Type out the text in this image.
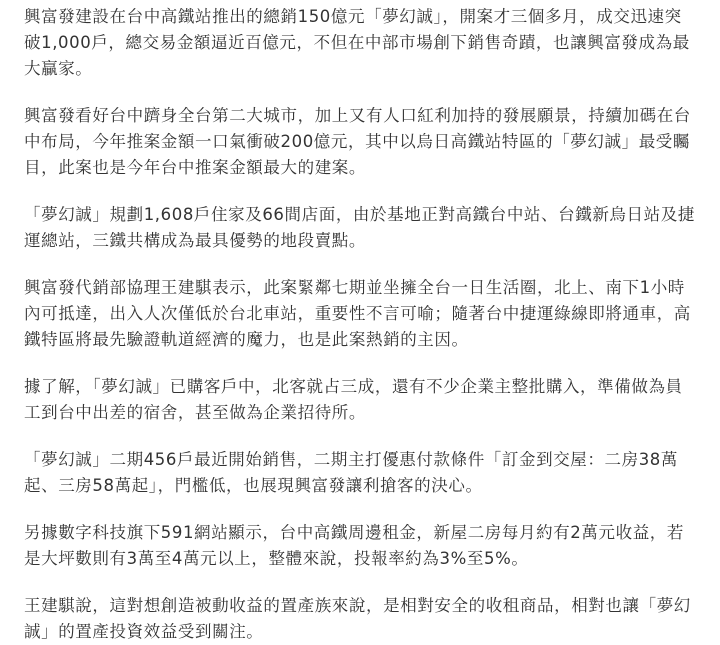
興富發建設在台中高鐵站推出的總銷150億元「夢幻誠」，開案才三個多月，成交迅速突破1,000戶，總交易金額逼近百億元，不但在中部市場創下銷售奇蹟，也讓興富發成為最大贏家。

興富發看好台中躋身全台第二大城市，加上又有人口紅利加持的發展願景，持續加碼在台中布局，今年推案金額一口氣衝破200億元，其中以烏日高鐵站特區的「夢幻誠」最受矚目，此案也是今年台中推案金額最大的建案。

「夢幻誠」規劃1,608戶住家及66間店面，由於基地正對高鐵台中站、台鐵新烏日站及捷運總站，三鐵共構成為最具優勢的地段賣點。

興富發代銷部協理王建騏表示，此案緊鄰七期並坐擁全台一日生活圈，北上、南下1小時內可抵達，出入人次僅低於台北車站，重要性不言可喻；隨著台中捷運綠線即將通車，高鐵特區將最先驗證軌道經濟的魔力，也是此案熱銷的主因。

據了解，「夢幻誠」已購客戶中，北客就占三成，還有不少企業主整批購入，準備做為員工到台中出差的宿舍，甚至做為企業招待所。

「夢幻誠」二期456戶最近開始銷售，二期主打優惠付款條件「訂金到交屋：二房38萬起、三房58萬起」，門檻低，也展現興富發讓利搶客的決心。

另據數字科技旗下591網站顯示，台中高鐵周邊租金，新屋二房每月約有2萬元收益，若是大坪數則有3萬至4萬元以上，整體來說，投報率約為3%至5%。

王建騏說，這對想創造被動收益的置產族來說，是相對安全的收租商品，相對也讓「夢幻誠」的置產投資效益受到關注。
